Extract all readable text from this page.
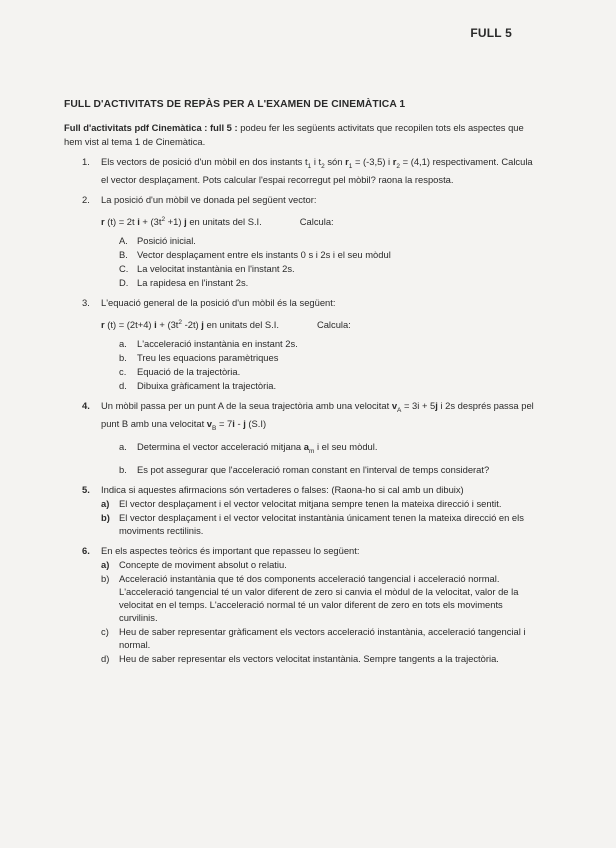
FULL 5
FULL D'ACTIVITATS DE REPÀS PER A L'EXAMEN DE CINEMÀTICA 1
Full d'activitats pdf Cinemàtica : full 5 : podeu fer les següents activitats que recopilen tots els aspectes que hem vist al tema 1 de Cinemàtica.
1. Els vectors de posició d'un mòbil en dos instants $t_1$ i $t_2$ són $r_1 = (-3,5)$ i $r_2 = (4,1)$ respectivament. Calcula el vector desplaçament. Pots calcular l'espai recorregut pel mòbil? raona la resposta.
2. La posició d'un mòbil ve donada pel següent vector:
r (t) = 2t $i + (3t^2 +1)$ j en unitats del S.I.	Calcula:
A. Posició inicial.
B. Vector desplaçament entre els instants 0 s i 2s i el seu mòdul
C. La velocitat instantània en l'instant 2s.
D. La rapidesa en l'instant 2s.
3. L'equació general de la posició d'un mòbil és la següent:
r (t) = (2t+4) $i + (3t^2$ -2t) j en unitats del S.I.	Calcula:
a. L'acceleració instantània en instant 2s.
b. Treu les equacions paramètriques
c. Equació de la trajectòria.
d. Dibuixa gràficament la trajectòria.
4. Un mòbil passa per un punt A de la seua trajectòria amb una velocitat $v_A = 3i + 5j$ i 2s després passa pel punt B amb una velocitat $v_B = 7i - j$ (S.I)
a. Determina el vector acceleració mitjana $a_m$ i el seu mòdul.
b. Es pot assegurar que l'acceleració roman constant en l'interval de temps considerat?
5. Indica si aquestes afirmacions són vertaderes o falses: (Raona-ho si cal amb un dibuix)
a) El vector desplaçament i el vector velocitat mitjana sempre tenen la mateixa direcció i sentit.
b) El vector desplaçament i el vector velocitat instantània únicament tenen la mateixa direcció en els moviments rectilinis.
6. En els aspectes teòrics és important que repasseu lo següent:
a) Concepte de moviment absolut o relatiu.
b) Acceleració instantània que té dos components acceleració tangencial i acceleració normal. L'acceleració tangencial té un valor diferent de zero si canvia el mòdul de la velocitat, valor de la velocitat en el temps. L'acceleració normal té un valor diferent de zero en tots els moviments curvilinis.
c) Heu de saber representar gràficament els vectors acceleració instantània, acceleració tangencial i normal.
d) Heu de saber representar els vectors velocitat instantània. Sempre tangents a la trajectòria.
